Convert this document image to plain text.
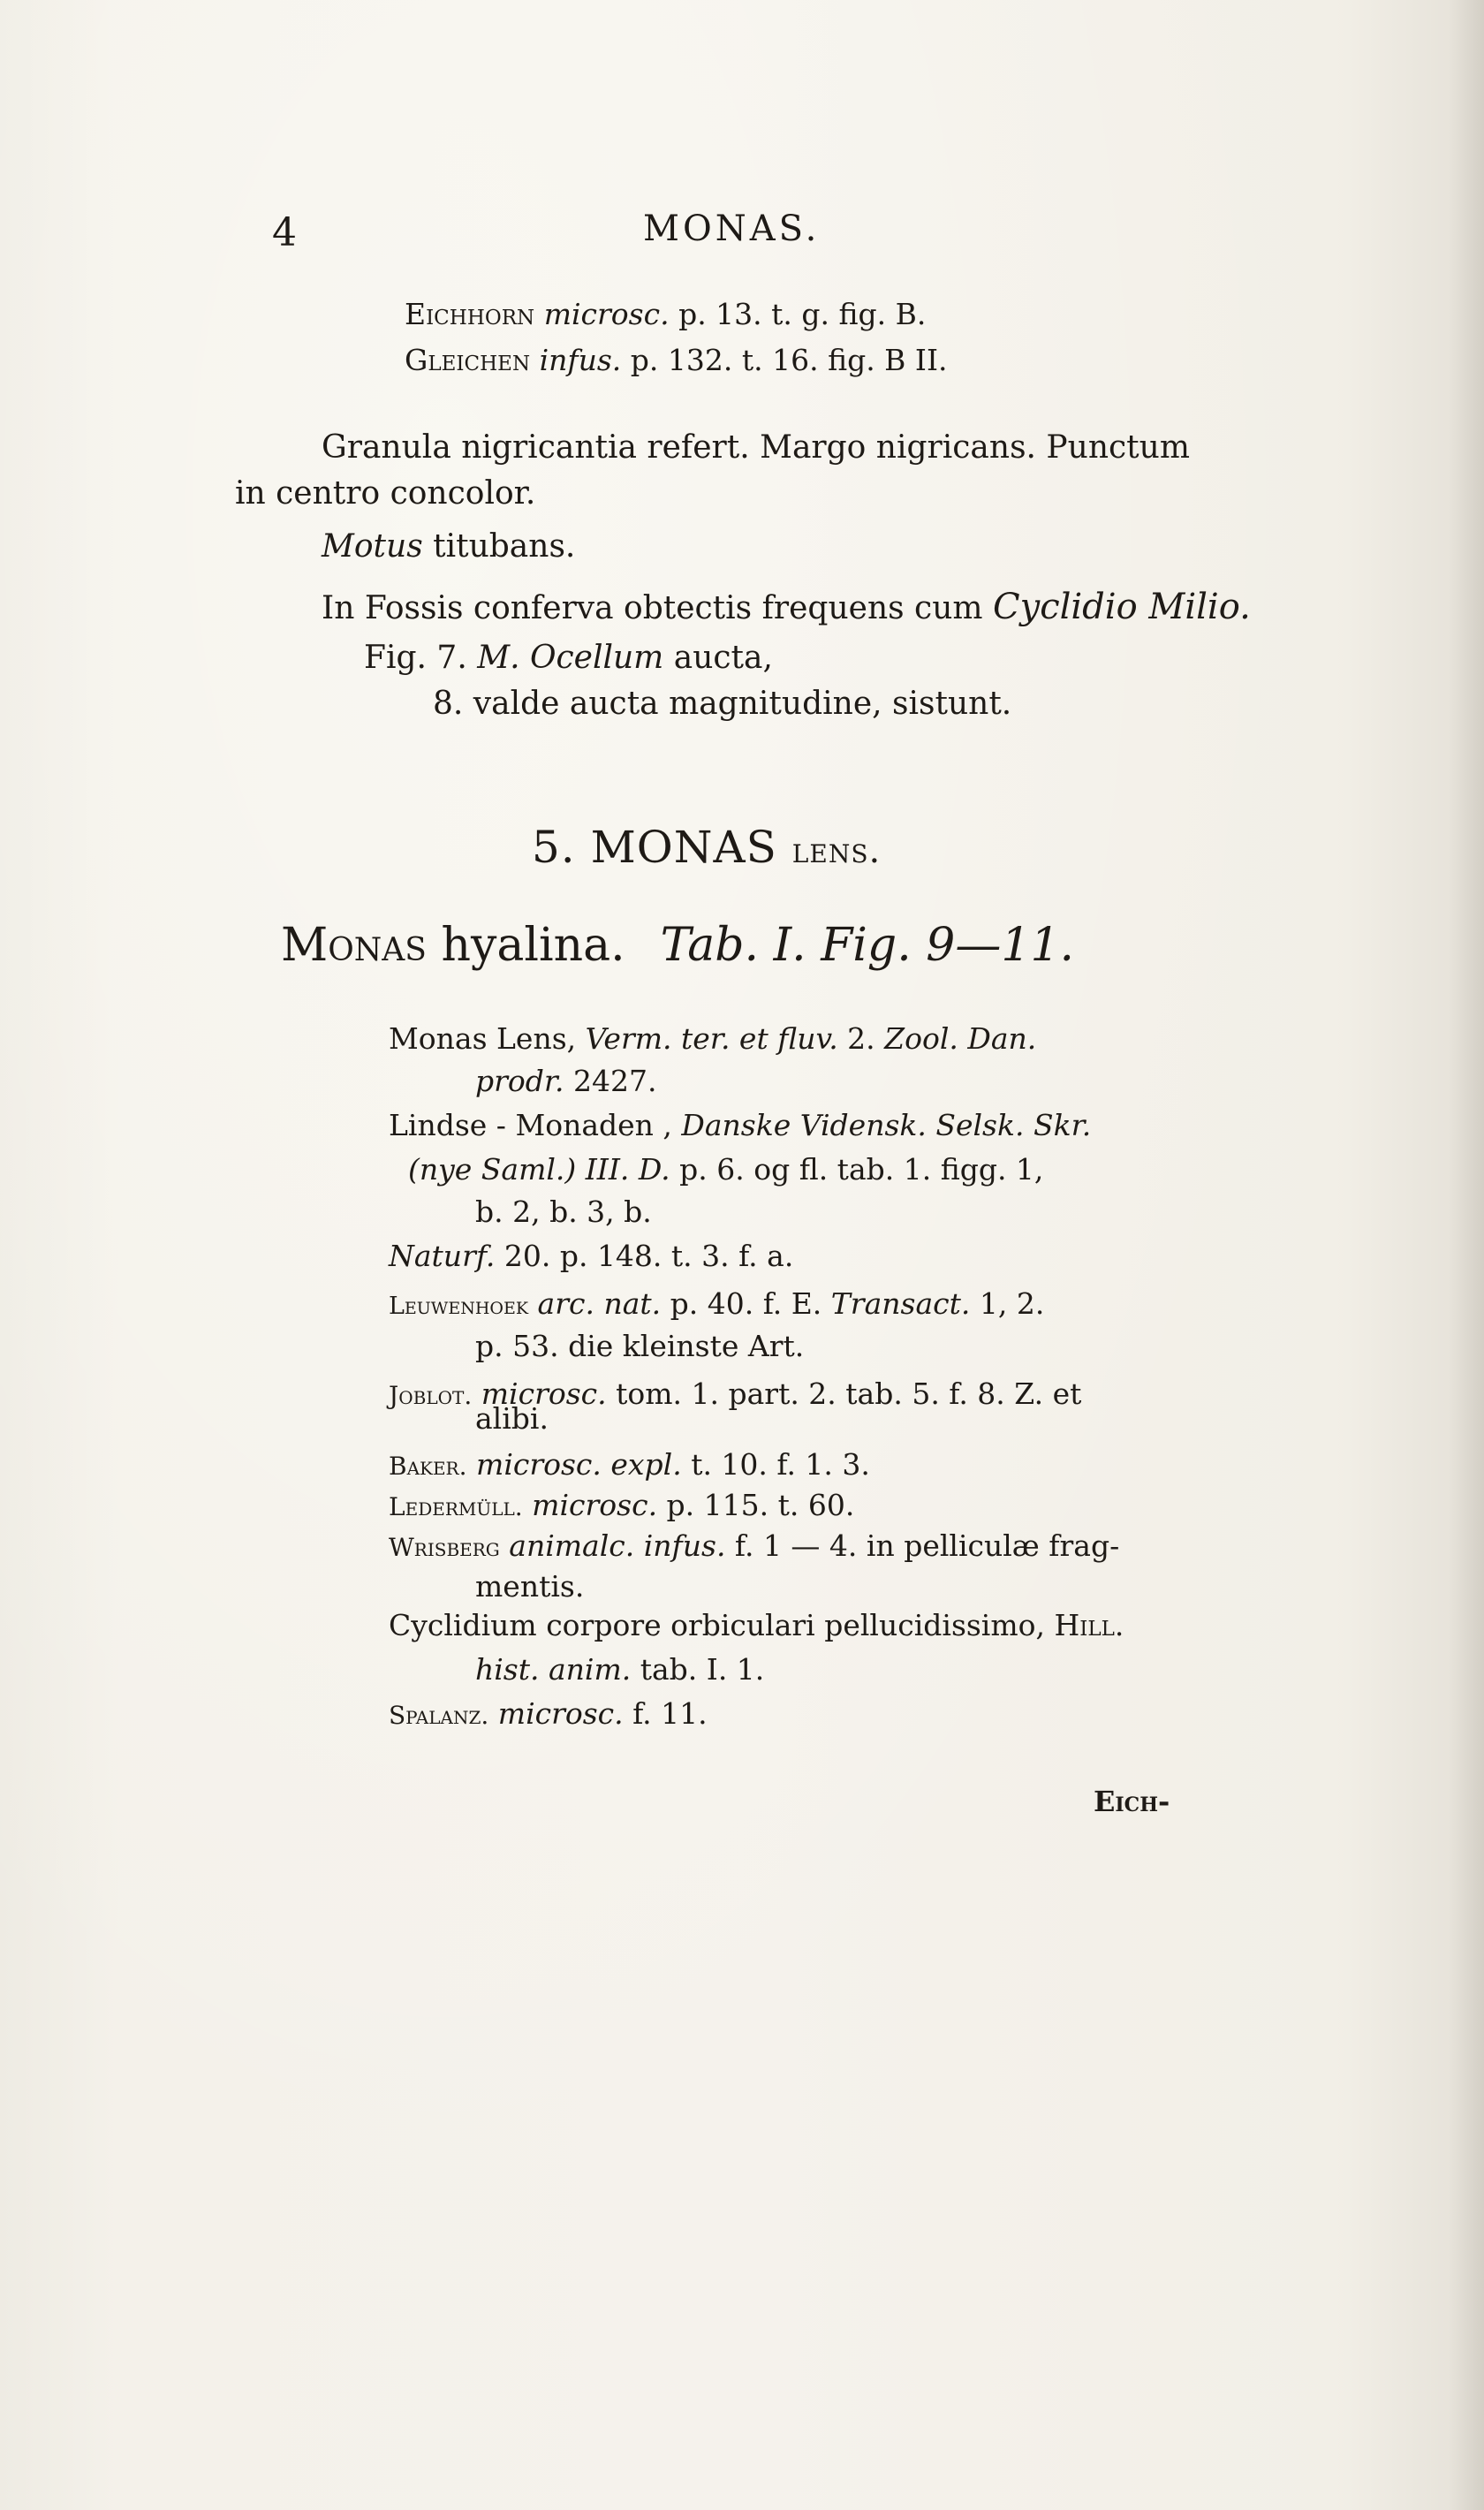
4	MONAS.
Eichhorn microsc. p. 13. t. g. fig. B.
Gleichen infus. p. 132. t. 16. fig. B II.
Granula nigricantia refert. Margo nigricans. Punctum
in centro concolor.
Motus titubans.
In Fossis conferva obtectis frequens cum Cyclidio Milio.
Fig. 7. M. Ocellum aucta,
8. valde aucta magnitudine, sistunt.
5. MONAS lens.
Monas hyalina. Tab. I. Fig. 9—11.
Monas Lens, Verm. ter. et fluv. 2. Zool. Dan.
prodr. 2427.
Lindse - Monaden , Danske Vidensk. Selsk. Skr.
(nye Saml.) III. D. p. 6. og fl. tab. 1. figg. 1,
b. 2, b. 3, b.
Naturf. 20. p. 148. t. 3. f. a.
Leuwenhoek arc. nat. p. 40. f. E. Transact. 1, 2.
p. 53. die kleinste Art.
Joblot. microsc. tom. 1. part. 2. tab. 5. f. 8. Z. et
alibi.
Baker. microsc. expl. t. 10. f. 1. 3.
Ledermüll. microsc. p. 115. t. 60.
Wrisberg animalc. infus. f. 1 — 4. in pelliculæ frag-
mentis.
Cyclidium corpore orbiculari pellucidissimo, Hill.
hist. anim. tab. I. 1.
Spalanz. microsc. f. 11.
Eich-
